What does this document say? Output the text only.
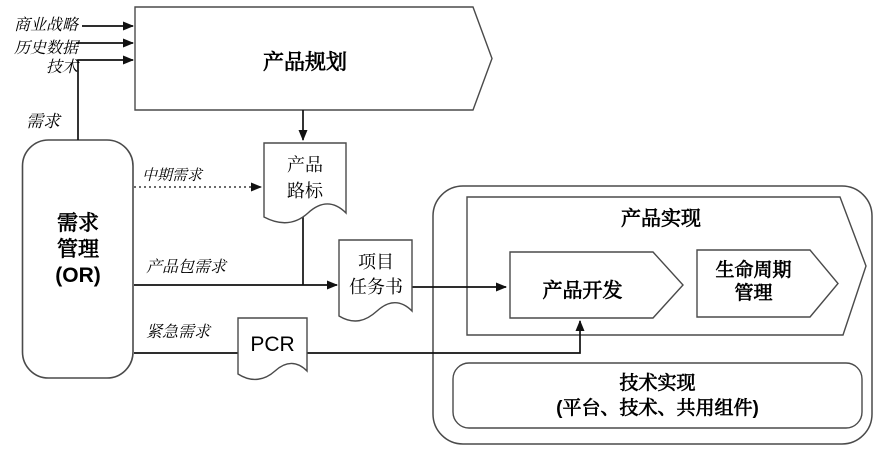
商业战略
历史数据
技术
需求
中期需求
产品包需求
紧急需求
产品规划
需求
管理
(OR)
产品
路标
项目
任务书
PCR
产品实现
产品开发
生命周期
管理
技术实现
(平台、技术、共用组件)
